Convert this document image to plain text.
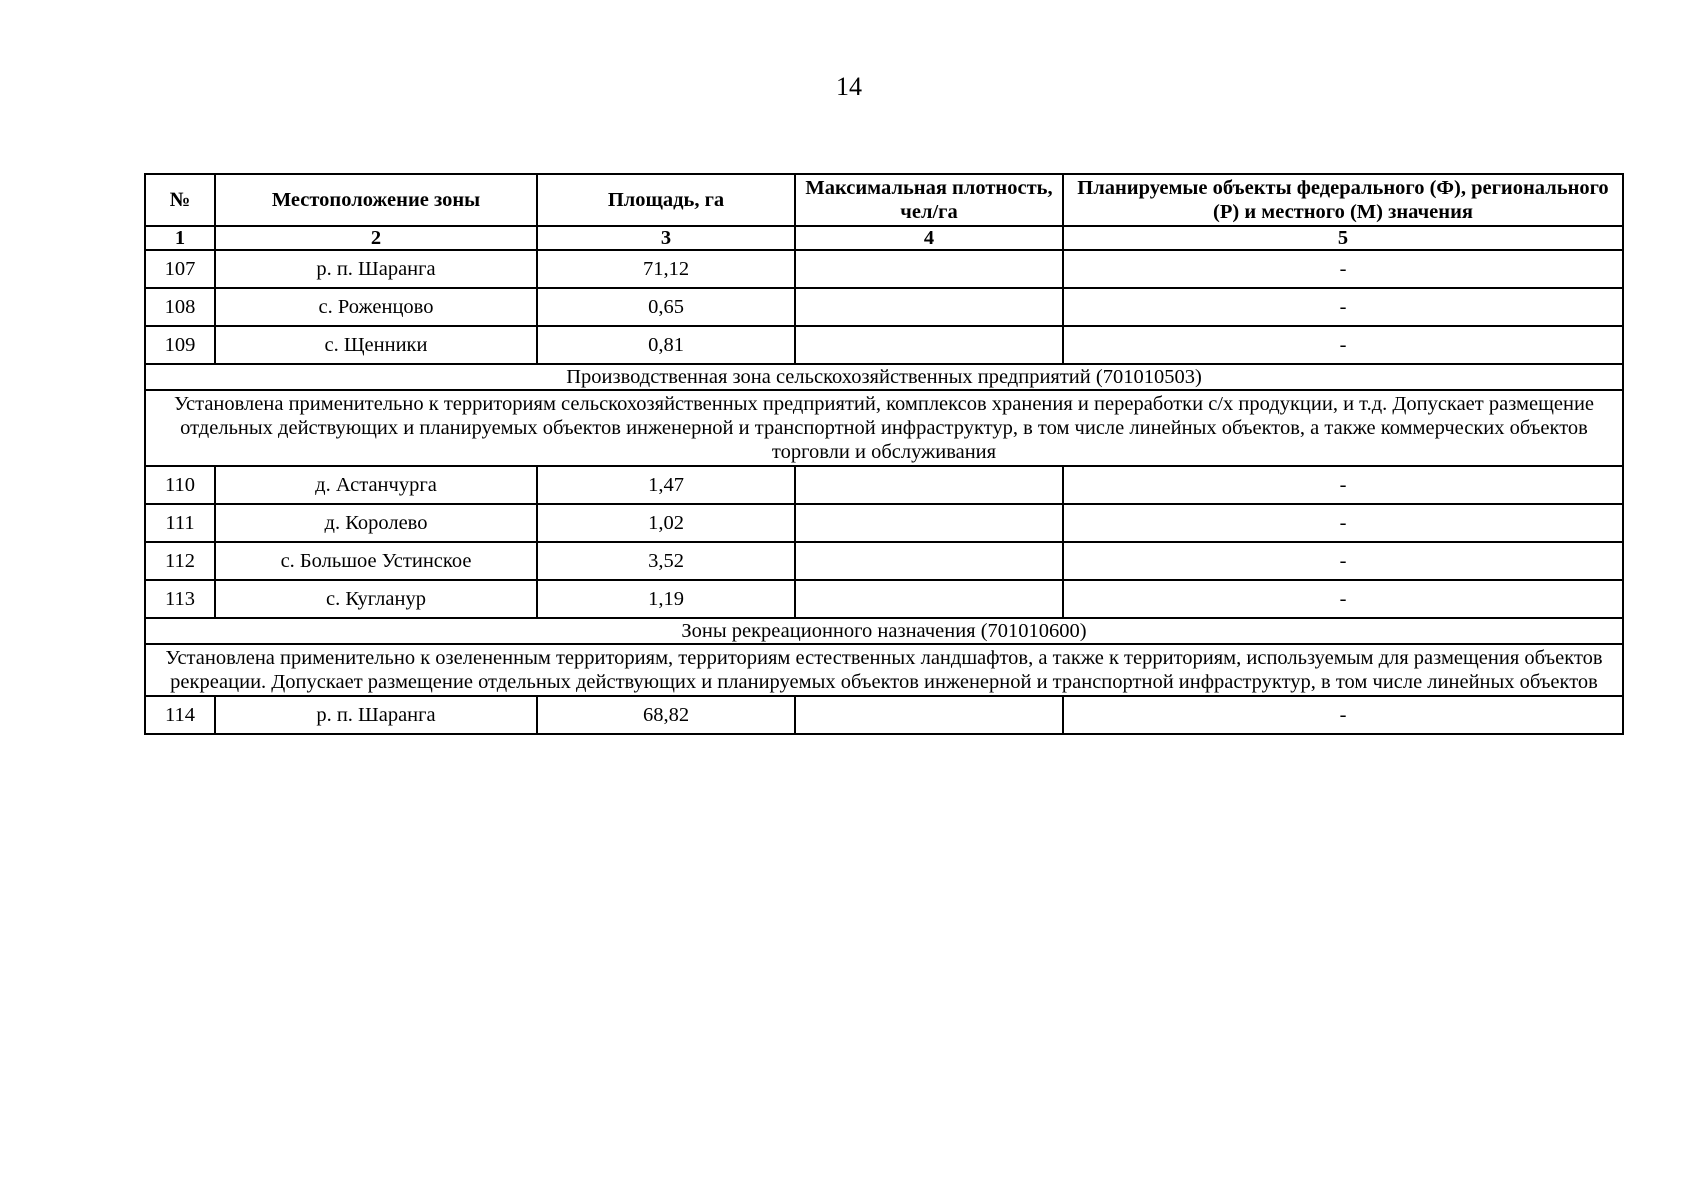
14
№	Местоположение зоны	Площадь, га	Максимальная плотность, чел/га	Планируемые объекты федерального (Ф), регионального (Р) и местного (М) значения
1	2	3	4	5
107	р. п. Шаранга	71,12		-
108	с. Роженцово	0,65		-
109	с. Щенники	0,81		-
Производственная зона сельскохозяйственных предприятий (701010503)				
Установлена применительно к территориям сельскохозяйственных предприятий, комплексов хранения и переработки с/х продукции, и т.д. Допускает размещение отдельных действующих и планируемых объектов инженерной и транспортной инфраструктур, в том числе линейных объектов, а также коммерческих объектов торговли и обслуживания				
110	д. Астанчурга	1,47		-
111	д. Королево	1,02		-
112	с. Большое Устинское	3,52		-
113	с. Кугланур	1,19		-
Зоны рекреационного назначения (701010600)				
Установлена применительно к озелененным территориям, территориям естественных ландшафтов, а также к территориям, используемым для размещения объектов рекреации. Допускает размещение отдельных действующих и планируемых объектов инженерной и транспортной инфраструктур, в том числе линейных объектов				
114	р. п. Шаранга	68,82		-
